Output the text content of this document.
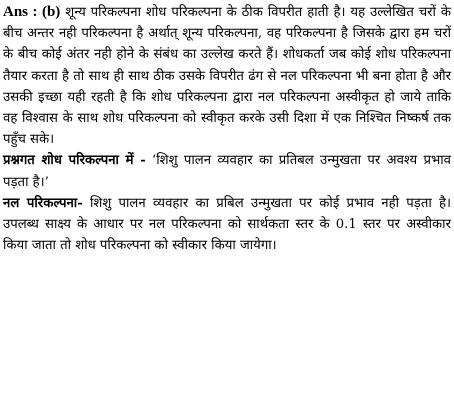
Ans : (b) शून्य परिकल्पना शोध परिकल्पना के ठीक विपरीत हाती है। यह उल्लेखित चरों के बीच अन्तर नही परिकल्पना है अर्थात् शून्य परिकल्पना, वह परिकल्पना है जिसके द्वारा हम चरों के बीच कोई अंतर नही होने के संबंध का उल्लेख करते हैं। शोधकर्ता जब कोई शोध परिकल्पना तैयार करता है तो साथ ही साथ ठीक उसके विपरीत ढंग से नल परिकल्पना भी बना होता है और उसकी इच्छा यही रहती है कि शोध परिकल्पना द्वारा नल परिकल्पना अस्वीकृत हो जाये ताकि वह विश्वास के साथ शोध परिकल्पना को स्वीकृत करके उसी दिशा में एक निश्चित निष्कर्ष तक पहुँच सके।

प्रश्नगत शोध परिकल्पना में - ‘शिशु पालन व्यवहार का प्रतिबल उन्मुखता पर अवश्य प्रभाव पड़ता है।’

नल परिकल्पना- शिशु पालन व्यवहार का प्रबिल उन्मुखता पर कोई प्रभाव नही पड़ता है। उपलब्ध साक्ष्य के आधार पर नल परिकल्पना को सार्थकता स्तर के 0.1 स्तर पर अस्वीकार किया जाता तो शोध परिकल्पना को स्वीकार किया जायेगा।
